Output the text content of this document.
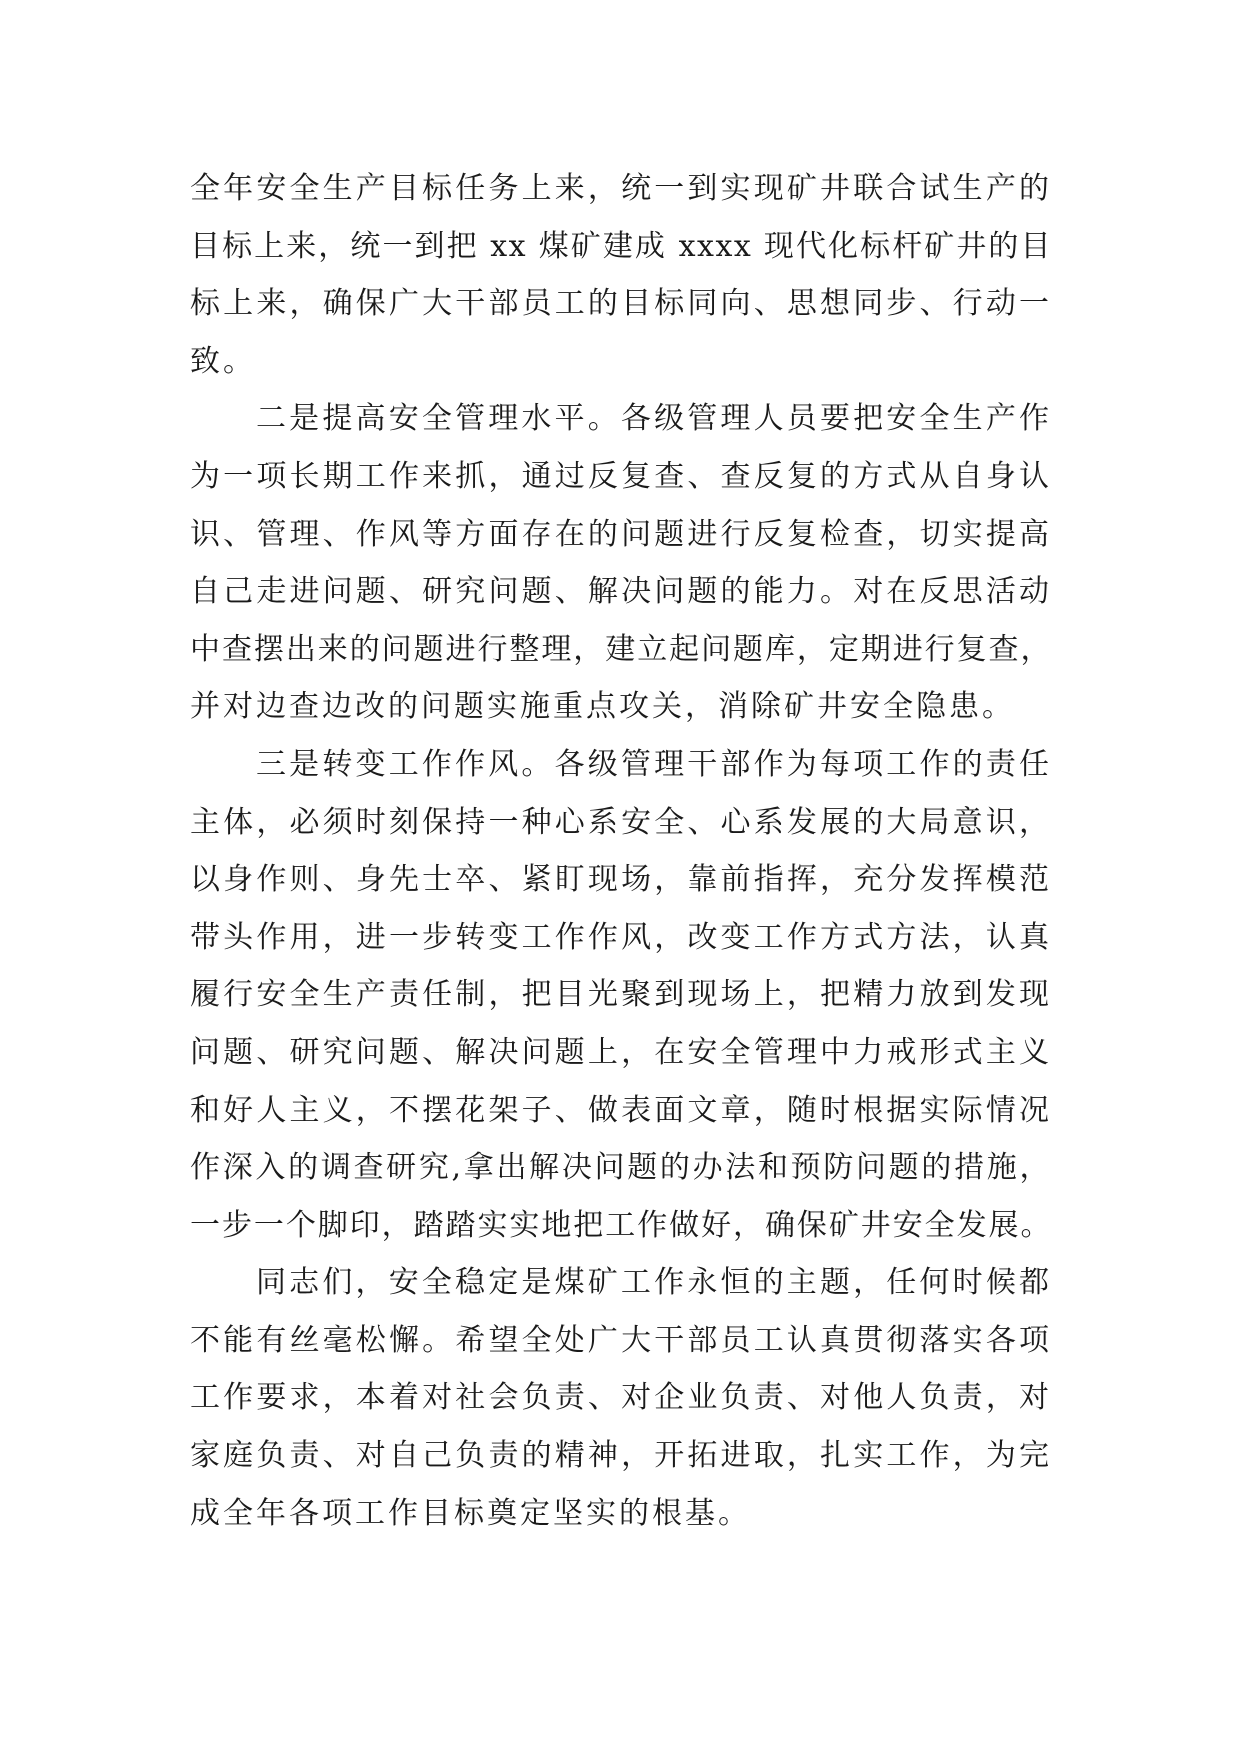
全年安全生产目标任务上来，统一到实现矿井联合试生产的
目标上来，统一到把 xx 煤矿建成 xxxx 现代化标杆矿井的目
标上来，确保广大干部员工的目标同向、思想同步、行动一
致。
二是提高安全管理水平。各级管理人员要把安全生产作
为一项长期工作来抓，通过反复查、查反复的方式从自身认
识、管理、作风等方面存在的问题进行反复检查，切实提高
自己走进问题、研究问题、解决问题的能力。对在反思活动
中查摆出来的问题进行整理，建立起问题库，定期进行复查，
并对边查边改的问题实施重点攻关，消除矿井安全隐患。
三是转变工作作风。各级管理干部作为每项工作的责任
主体，必须时刻保持一种心系安全、心系发展的大局意识，
以身作则、身先士卒、紧盯现场，靠前指挥，充分发挥模范
带头作用，进一步转变工作作风，改变工作方式方法，认真
履行安全生产责任制，把目光聚到现场上，把精力放到发现
问题、研究问题、解决问题上，在安全管理中力戒形式主义
和好人主义，不摆花架子、做表面文章，随时根据实际情况
作深入的调查研究,拿出解决问题的办法和预防问题的措施，
一步一个脚印，踏踏实实地把工作做好，确保矿井安全发展。
同志们，安全稳定是煤矿工作永恒的主题，任何时候都
不能有丝毫松懈。希望全处广大干部员工认真贯彻落实各项
工作要求，本着对社会负责、对企业负责、对他人负责，对
家庭负责、对自己负责的精神，开拓进取，扎实工作，为完
成全年各项工作目标奠定坚实的根基。
